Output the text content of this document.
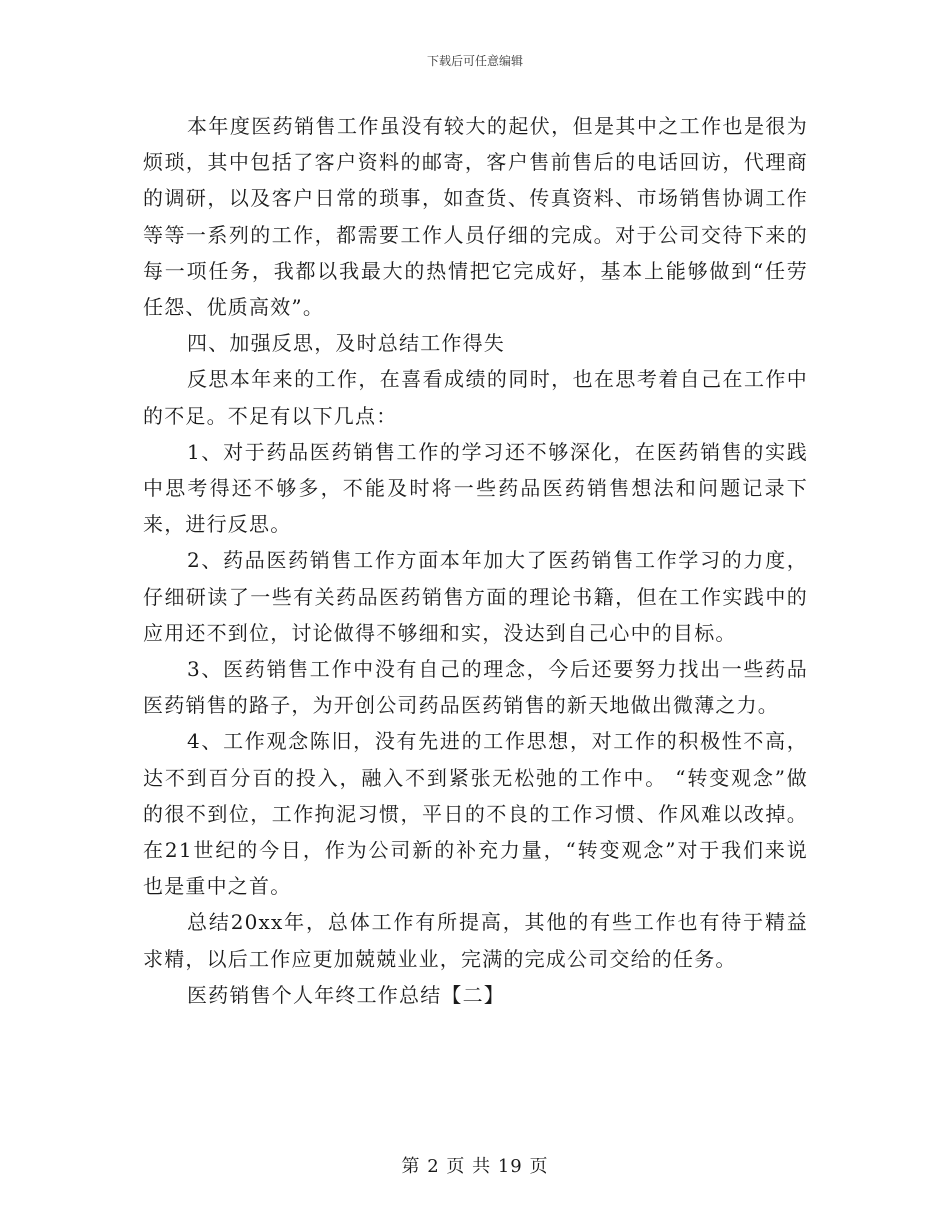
下载后可任意编辑

本年度医药销售工作虽没有较大的起伏，但是其中之工作也是很为烦琐，其中包括了客户资料的邮寄，客户售前售后的电话回访，代理商的调研，以及客户日常的琐事，如查货、传真资料、市场销售协调工作等等一系列的工作，都需要工作人员仔细的完成。对于公司交待下来的每一项任务，我都以我最大的热情把它完成好，基本上能够做到“任劳任怨、优质高效”。

四、加强反思，及时总结工作得失

反思本年来的工作，在喜看成绩的同时，也在思考着自己在工作中的不足。不足有以下几点：

1、对于药品医药销售工作的学习还不够深化，在医药销售的实践中思考得还不够多，不能及时将一些药品医药销售想法和问题记录下来，进行反思。

2、药品医药销售工作方面本年加大了医药销售工作学习的力度，仔细研读了一些有关药品医药销售方面的理论书籍，但在工作实践中的应用还不到位，讨论做得不够细和实，没达到自己心中的目标。

3、医药销售工作中没有自己的理念，今后还要努力找出一些药品医药销售的路子，为开创公司药品医药销售的新天地做出微薄之力。

4、工作观念陈旧，没有先进的工作思想，对工作的积极性不高，达不到百分百的投入，融入不到紧张无松弛的工作中。 “转变观念”做的很不到位，工作拘泥习惯，平日的不良的工作习惯、作风难以改掉。在21世纪的今日，作为公司新的补充力量，“转变观念”对于我们来说也是重中之首。

总结20xx年，总体工作有所提高，其他的有些工作也有待于精益求精，以后工作应更加兢兢业业，完满的完成公司交给的任务。

医药销售个人年终工作总结【二】

第 2 页 共 19 页
